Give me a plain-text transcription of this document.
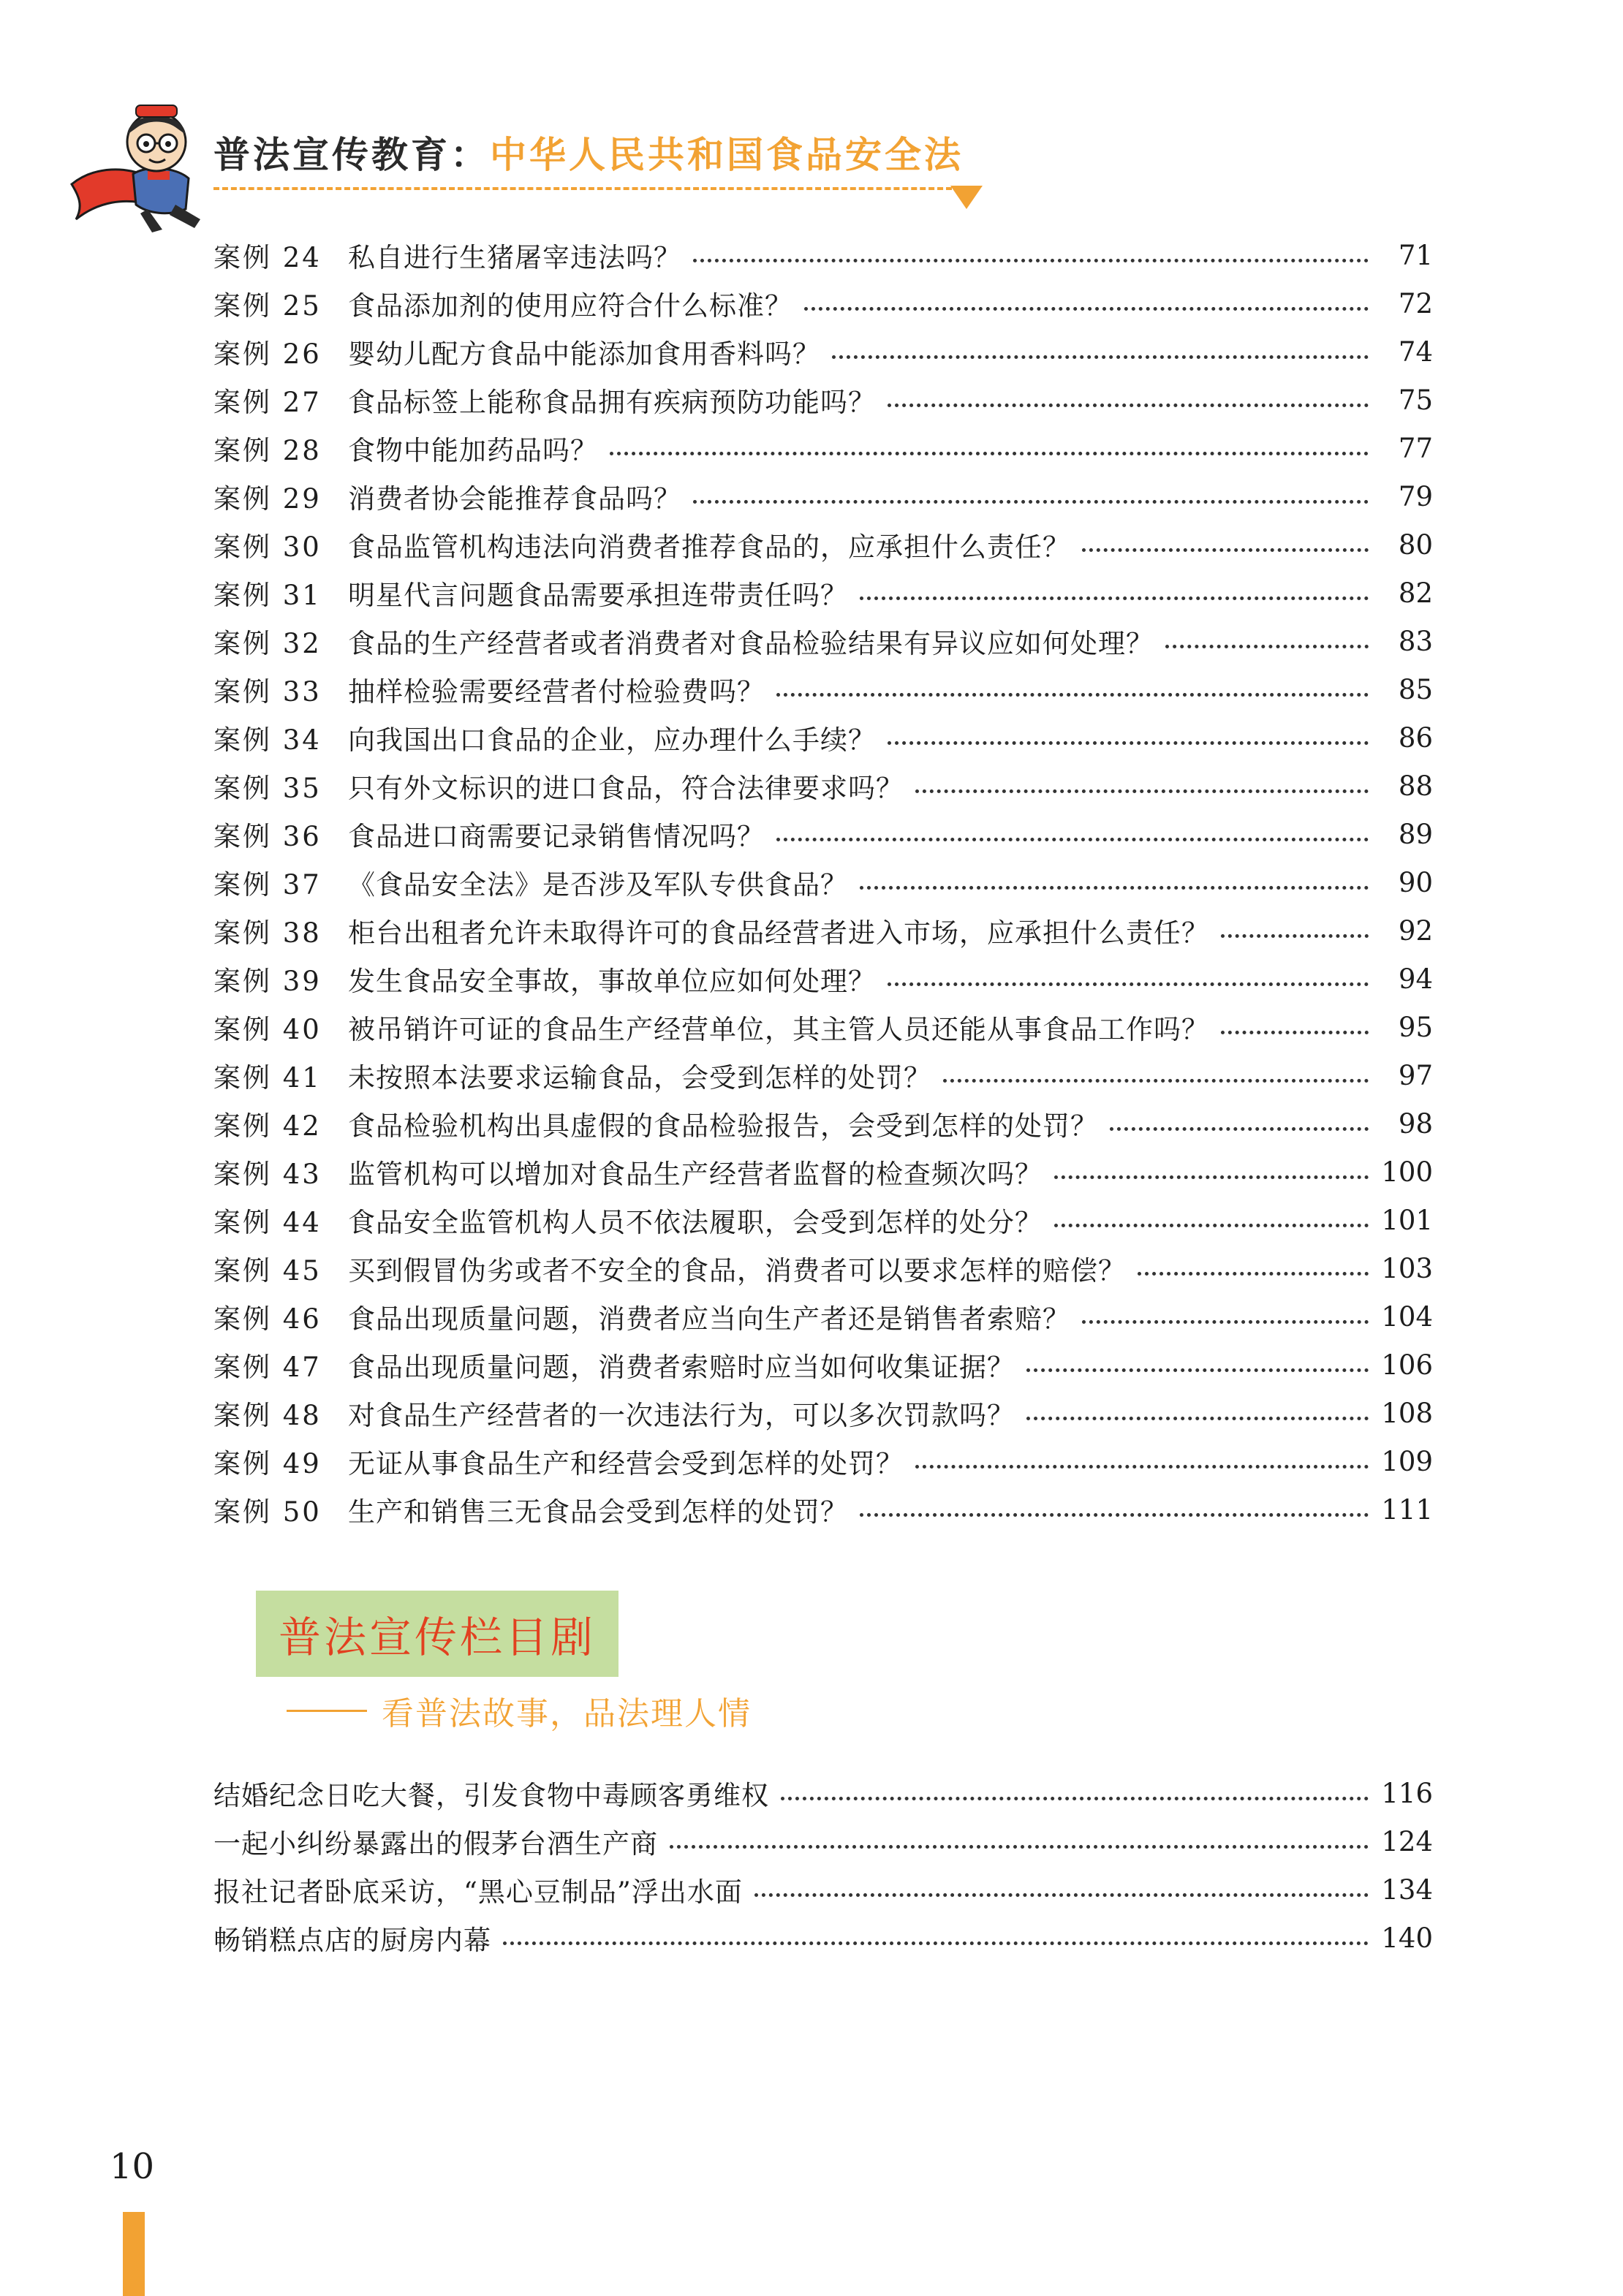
普法宣传教育：中华人民共和国食品安全法
案例 24 私自进行生猪屠宰违法吗？	71
案例 25 食品添加剂的使用应符合什么标准？	72
案例 26 婴幼儿配方食品中能添加食用香料吗？	74
案例 27 食品标签上能称食品拥有疾病预防功能吗？	75
案例 28 食物中能加药品吗？	77
案例 29 消费者协会能推荐食品吗？	79
案例 30 食品监管机构违法向消费者推荐食品的，应承担什么责任？	80
案例 31 明星代言问题食品需要承担连带责任吗？	82
案例 32 食品的生产经营者或者消费者对食品检验结果有异议应如何处理？	83
案例 33 抽样检验需要经营者付检验费吗？	85
案例 34 向我国出口食品的企业，应办理什么手续？	86
案例 35 只有外文标识的进口食品，符合法律要求吗？	88
案例 36 食品进口商需要记录销售情况吗？	89
案例 37 《食品安全法》是否涉及军队专供食品？	90
案例 38 柜台出租者允许未取得许可的食品经营者进入市场，应承担什么责任？	92
案例 39 发生食品安全事故，事故单位应如何处理？	94
案例 40 被吊销许可证的食品生产经营单位，其主管人员还能从事食品工作吗？	95
案例 41 未按照本法要求运输食品，会受到怎样的处罚？	97
案例 42 食品检验机构出具虚假的食品检验报告，会受到怎样的处罚？	98
案例 43 监管机构可以增加对食品生产经营者监督的检查频次吗？	100
案例 44 食品安全监管机构人员不依法履职，会受到怎样的处分？	101
案例 45 买到假冒伪劣或者不安全的食品，消费者可以要求怎样的赔偿？	103
案例 46 食品出现质量问题，消费者应当向生产者还是销售者索赔？	104
案例 47 食品出现质量问题，消费者索赔时应当如何收集证据？	106
案例 48 对食品生产经营者的一次违法行为，可以多次罚款吗？	108
案例 49 无证从事食品生产和经营会受到怎样的处罚？	109
案例 50 生产和销售三无食品会受到怎样的处罚？	111
普法宣传栏目剧
看普法故事，品法理人情
结婚纪念日吃大餐，引发食物中毒顾客勇维权	116
一起小纠纷暴露出的假茅台酒生产商	124
报社记者卧底采访，“黑心豆制品”浮出水面	134
畅销糕点店的厨房内幕	140
10
